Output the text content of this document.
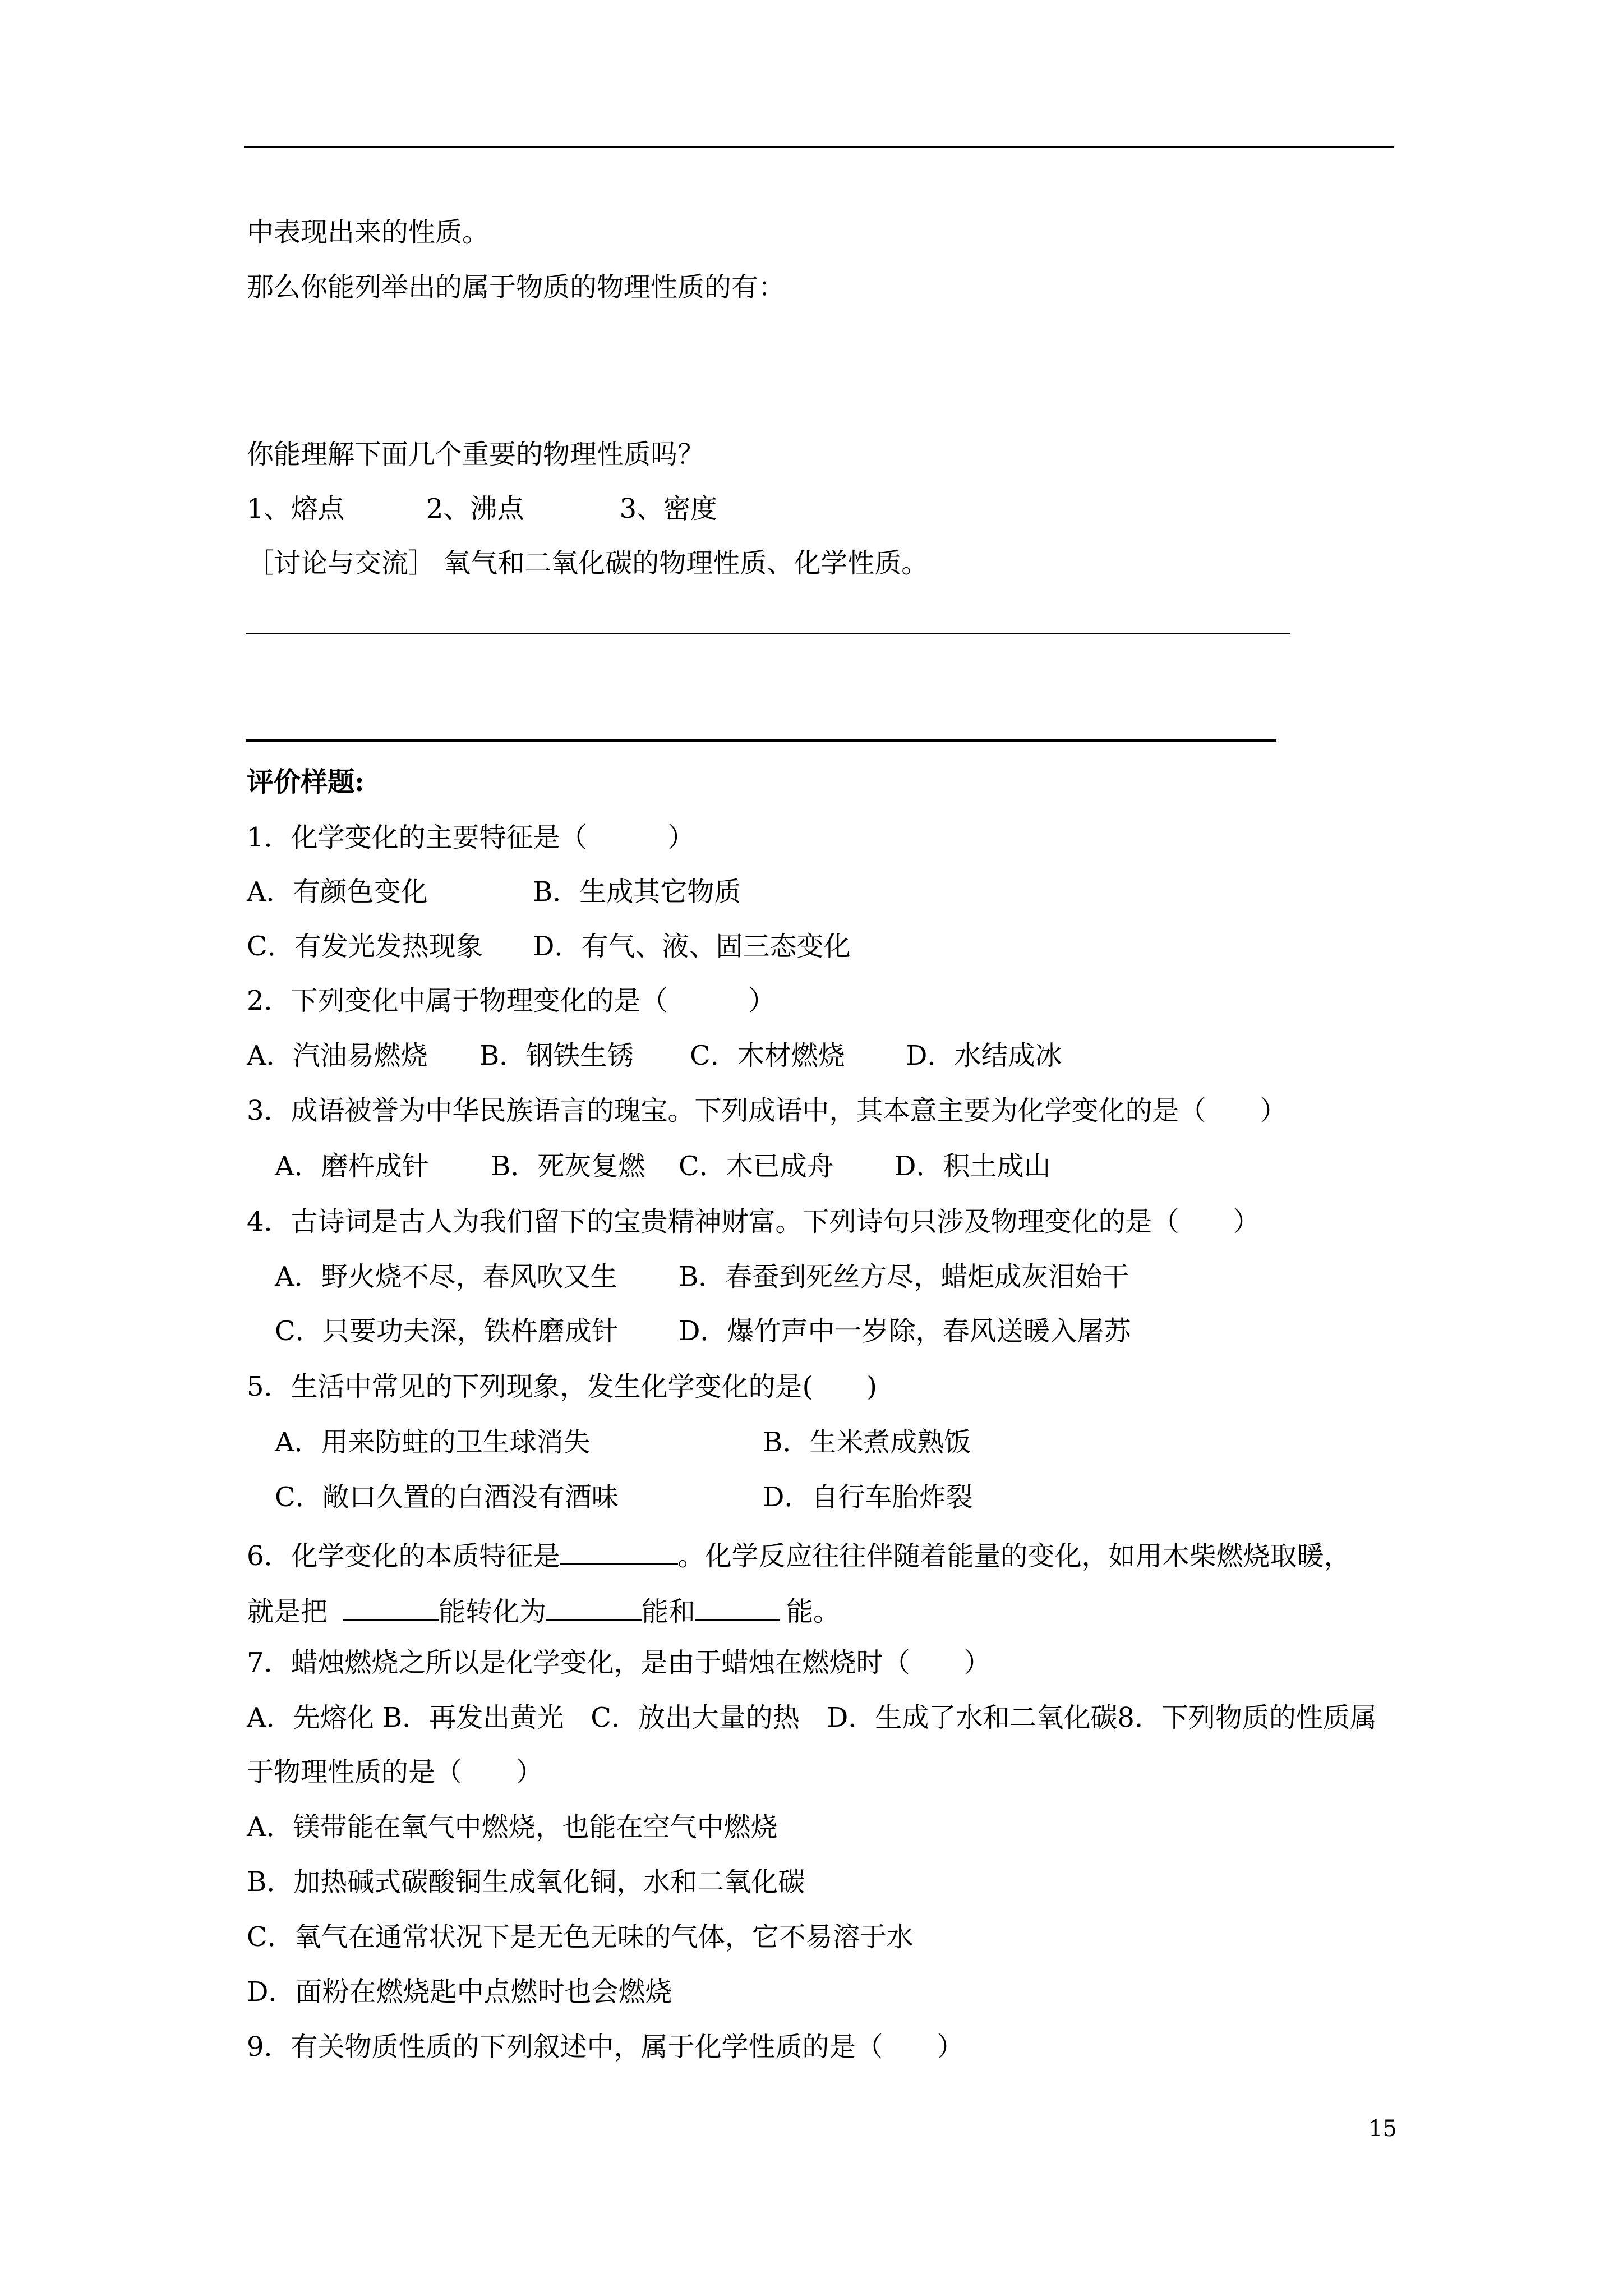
中表现出来的性质。
那么你能列举出的属于物质的物理性质的有：
你能理解下面几个重要的物理性质吗？
1、熔点	2、沸点	3、密度
［讨论与交流］ 氧气和二氧化碳的物理性质、化学性质。
评价样题:
1．化学变化的主要特征是（　　　）
A．有颜色变化	B．生成其它物质
C．有发光发热现象 D．有气、液、固三态变化
2．下列变化中属于物理变化的是（　　　）
A．汽油易燃烧 B．钢铁生锈 C．木材燃烧 D．水结成冰
3．成语被誉为中华民族语言的瑰宝。下列成语中，其本意主要为化学变化的是（　　）
A．磨杵成针 B．死灰复燃 C．木已成舟 D．积土成山
4．古诗词是古人为我们留下的宝贵精神财富。下列诗句只涉及物理变化的是（　　）
A．野火烧不尽，春风吹又生 B．春蚕到死丝方尽，蜡炬成灰泪始干
C．只要功夫深，铁杵磨成针 D．爆竹声中一岁除，春风送暖入屠苏
5．生活中常见的下列现象，发生化学变化的是(　　)
A．用来防蛀的卫生球消失	B．生米煮成熟饭
C．敞口久置的白酒没有酒味	D．自行车胎炸裂
6．化学变化的本质特征是	。化学反应往往伴随着能量的变化，如用木柴燃烧取暖，
就是把	能转化为	能和	能。
7．蜡烛燃烧之所以是化学变化，是由于蜡烛在燃烧时（　　）
A．先熔化 B．再发出黄光　C．放出大量的热　D．生成了水和二氧化碳8．下列物质的性质属
于物理性质的是（　　）
A．镁带能在氧气中燃烧，也能在空气中燃烧
B．加热碱式碳酸铜生成氧化铜，水和二氧化碳
C．氧气在通常状况下是无色无味的气体，它不易溶于水
D．面粉在燃烧匙中点燃时也会燃烧
9．有关物质性质的下列叙述中，属于化学性质的是（　　）
15
